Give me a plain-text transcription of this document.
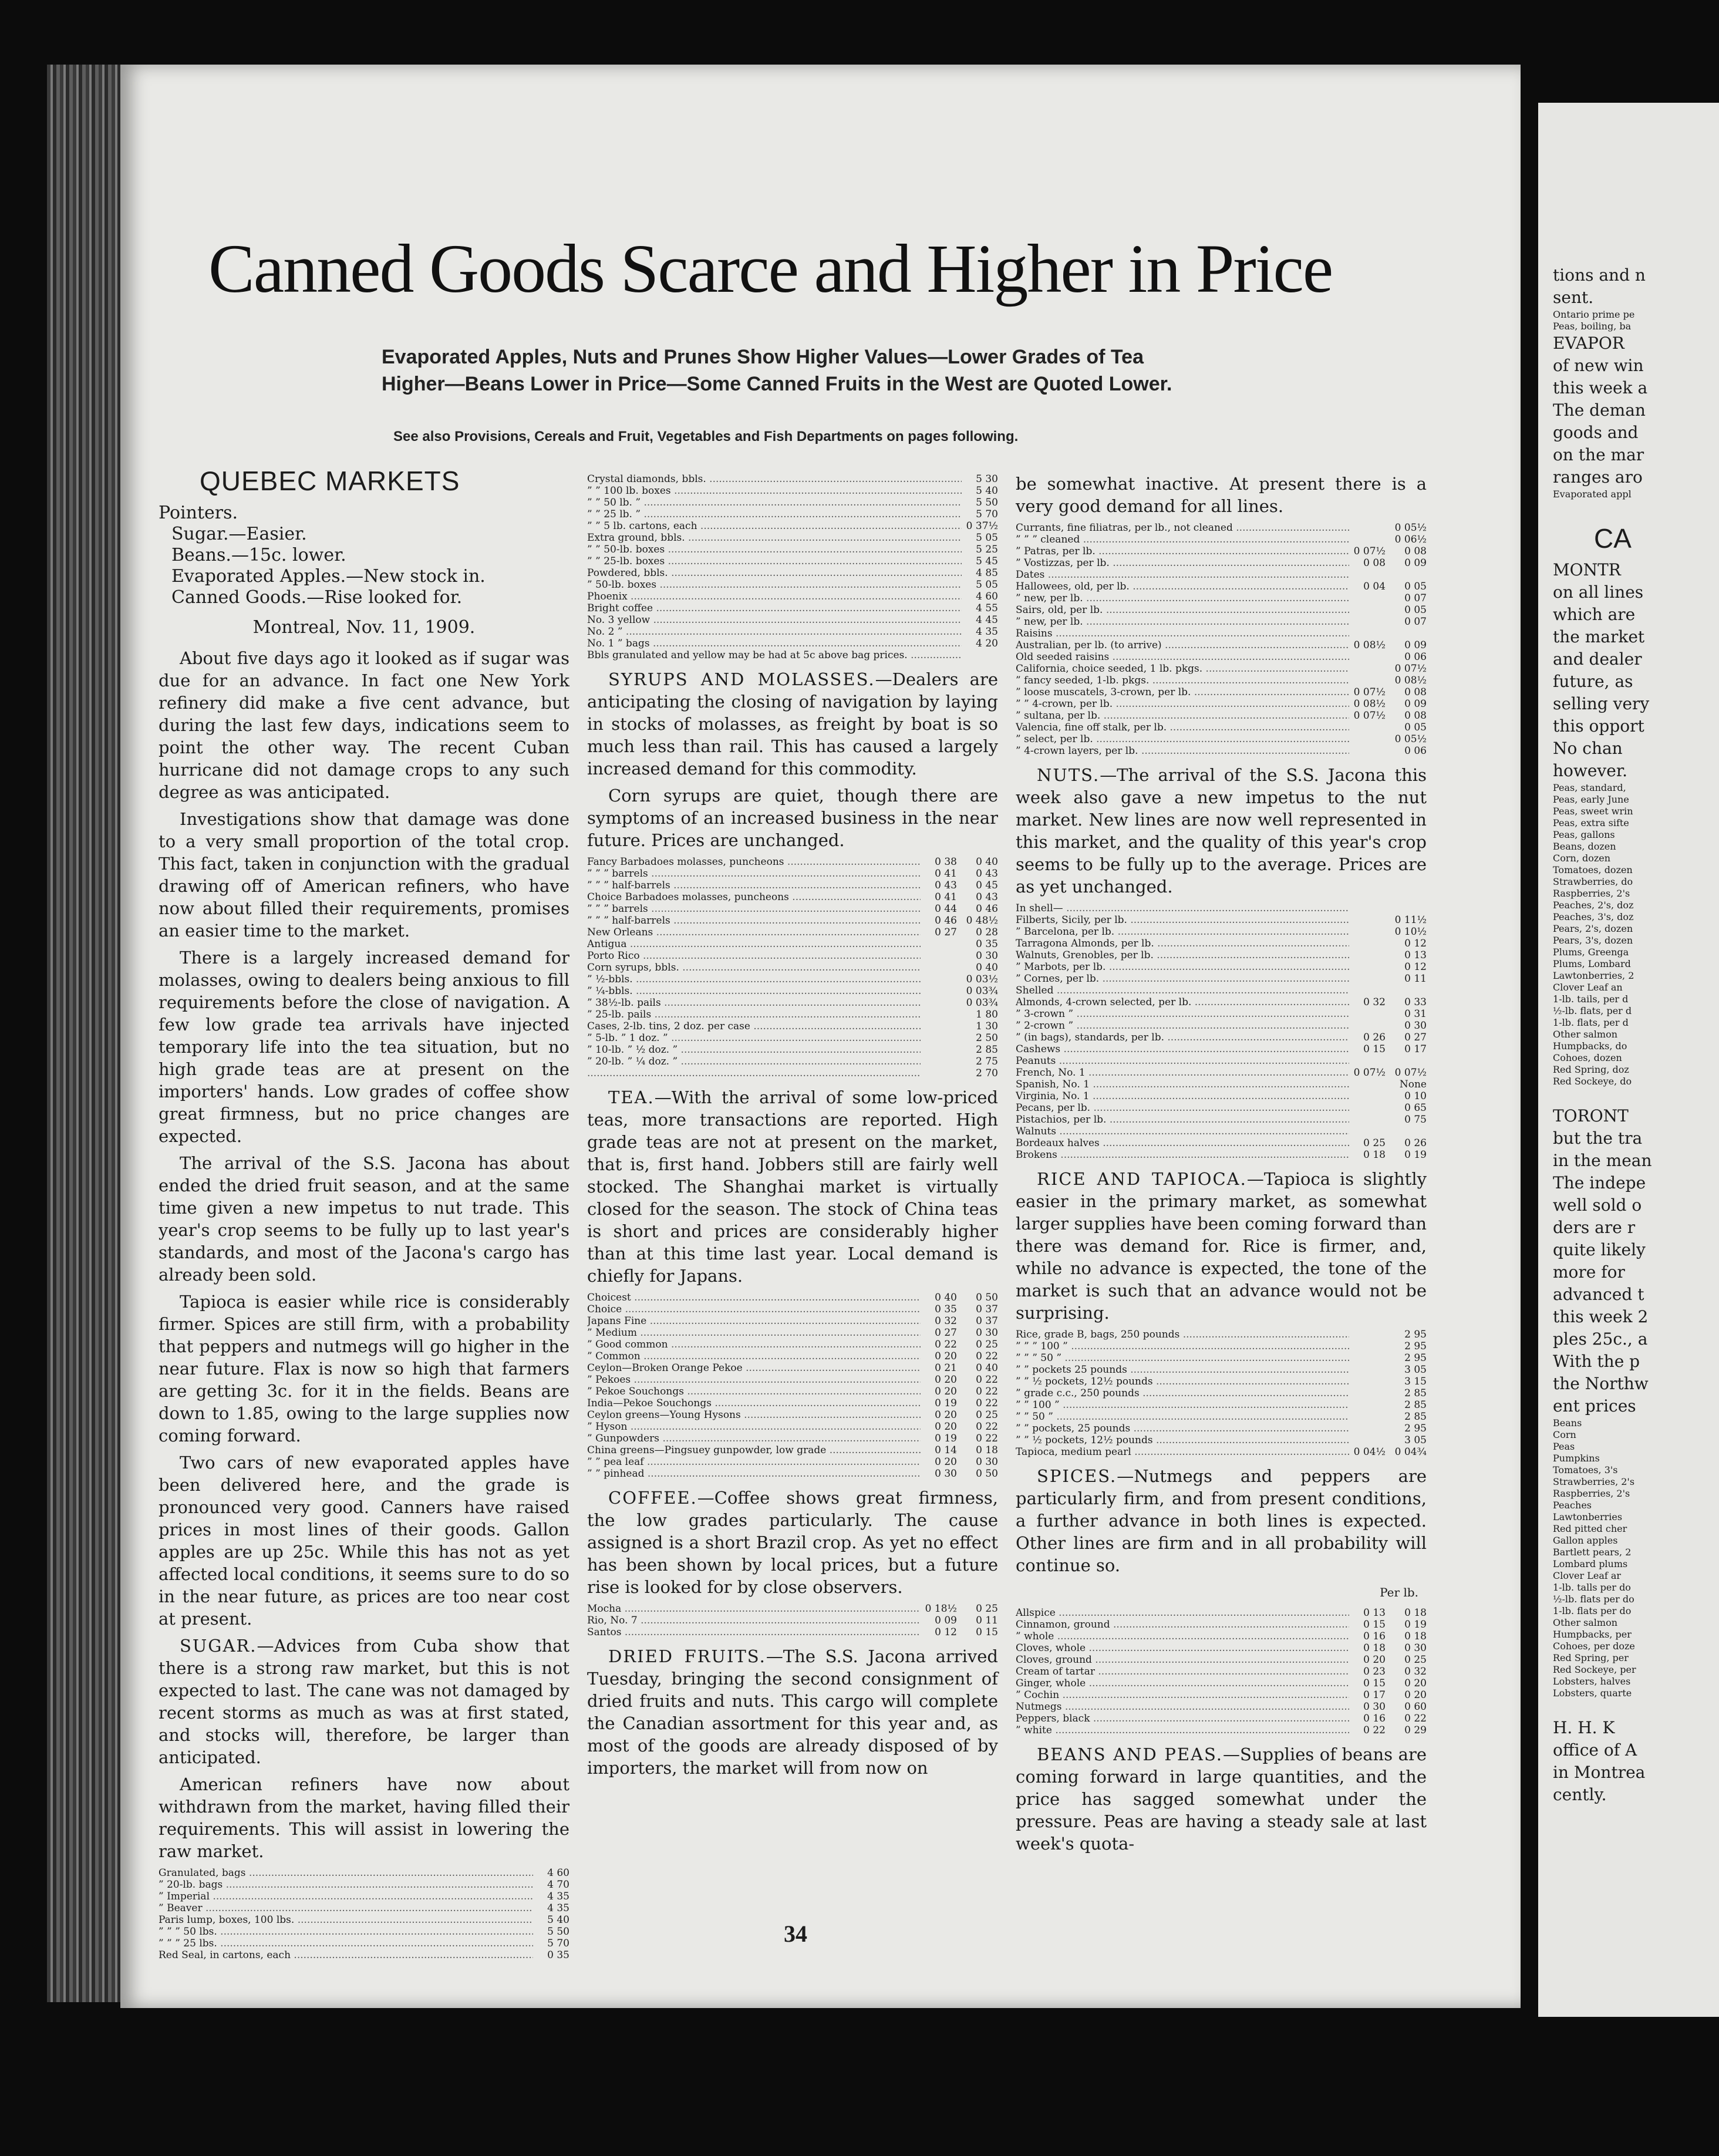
Canned Goods Scarce and Higher in Price
Evaporated Apples, Nuts and Prunes Show Higher Values—Lower Grades of Tea Higher—Beans Lower in Price—Some Canned Fruits in the West are Quoted Lower.
See also Provisions, Cereals and Fruit, Vegetables and Fish Departments on pages following.
QUEBEC MARKETS
Pointers.
Sugar.—Easier.
Beans.—15c. lower.
Evaporated Apples.—New stock in.
Canned Goods.—Rise looked for.
Montreal, Nov. 11, 1909.

About five days ago it looked as if sugar was due for an advance. In fact one New York refinery did make a five cent advance, but during the last few days, indications seem to point the other way. The recent Cuban hurricane did not damage crops to any such degree as was anticipated.

Investigations show that damage was done to a very small proportion of the total crop. This fact, taken in conjunction with the gradual drawing off of American refiners, who have now about filled their requirements, promises an easier time to the market.

There is a largely increased demand for molasses, owing to dealers being anxious to fill requirements before the close of navigation. A few low grade tea arrivals have injected temporary life into the tea situation, but no high grade teas are at present on the importers' hands. Low grades of coffee show great firmness, but no price changes are expected.

The arrival of the S.S. Jacona has about ended the dried fruit season, and at the same time given a new impetus to nut trade. This year's crop seems to be fully up to last year's standards, and most of the Jacona's cargo has already been sold.

Tapioca is easier while rice is considerably firmer. Spices are still firm, with a probability that peppers and nutmegs will go higher in the near future. Flax is now so high that farmers are getting 3c. for it in the fields. Beans are down to 1.85, owing to the large supplies now coming forward.

Two cars of new evaporated apples have been delivered here, and the grade is pronounced very good. Canners have raised prices in most lines of their goods. Gallon apples are up 25c. While this has not as yet affected local conditions, it seems sure to do so in the near future, as prices are too near cost at present.

SUGAR.—Advices from Cuba show that there is a strong raw market, but this is not expected to last. The cane was not damaged by recent storms as much as was at first stated, and stocks will, therefore, be larger than anticipated.

American refiners have now about withdrawn from the market, having filled their requirements. This will assist in lowering the raw market.

Granulated, bags .....	4 60
” 20-lb. bags .....	4 70
” Imperial .....	4 35
” Beaver .....	4 35
Paris lump, boxes, 100 lbs. .....	5 40
” ” ” 50 lbs. .....	5 50
” ” ” 25 lbs. .....	5 70
Red Seal, in cartons, each .....	0 35
Crystal diamonds, bbls. .....	5 30
” ” 100 lb. boxes .....	5 40
” ” 50 lb. ” .....	5 50
” ” 25 lb. ” .....	5 70
” ” 5 lb. cartons, each .....	0 37½
Extra ground, bbls. .....	5 05
” ” 50-lb. boxes .....	5 25
” ” 25-lb. boxes .....	5 45
Powdered, bbls. .....	4 85
” 50-lb. boxes .....	5 05
Phoenix .....	4 60
Bright coffee .....	4 55
No. 3 yellow .....	4 45
No. 2 ” .....	4 35
No. 1 ” bags .....	4 20
Bbls granulated and yellow may be had at 5c above bag prices. .....	

SYRUPS AND MOLASSES.—Dealers are anticipating the closing of navigation by laying in stocks of molasses, as freight by boat is so much less than rail. This has caused a largely increased demand for this commodity.

Corn syrups are quiet, though there are symptoms of an increased business in the near future. Prices are unchanged.

Fancy Barbadoes molasses, puncheons .....	0 38	0 40
” ” ” barrels .....	0 41	0 43
” ” ” half-barrels .....	0 43	0 45
Choice Barbadoes molasses, puncheons .....	0 41	0 43
” ” ” barrels .....	0 44	0 46
” ” ” half-barrels .....	0 46	0 48½
New Orleans .....	0 27	0 28
Antigua .....		0 35
Porto Rico .....		0 30
Corn syrups, bbls. .....		0 40
” ½-bbls. .....		0 03½
” ¼-bbls. .....		0 03¾
” 38½-lb. pails .....		0 03¾
” 25-lb. pails .....		1 80
Cases, 2-lb. tins, 2 doz. per case .....		1 30
” 5-lb. ” 1 doz. ” .....		2 50
” 10-lb. ” ½ doz. ” .....		2 85
” 20-lb. ” ¼ doz. ” .....		2 75
.....		2 70

TEA.—With the arrival of some low-priced teas, more transactions are reported. High grade teas are not at present on the market, that is, first hand. Jobbers still are fairly well stocked. The Shanghai market is virtually closed for the season. The stock of China teas is short and prices are considerably higher than at this time last year. Local demand is chiefly for Japans.

Choicest .....	0 40	0 50
Choice .....	0 35	0 37
Japans Fine .....	0 32	0 37
” Medium .....	0 27	0 30
” Good common .....	0 22	0 25
” Common .....	0 20	0 22
Ceylon—Broken Orange Pekoe .....	0 21	0 40
” Pekoes .....	0 20	0 22
” Pekoe Souchongs .....	0 20	0 22
India—Pekoe Souchongs .....	0 19	0 22
Ceylon greens—Young Hysons .....	0 20	0 25
” Hyson .....	0 20	0 22
” Gunpowders .....	0 19	0 22
China greens—Pingsuey gunpowder, low grade .....	0 14	0 18
” ” pea leaf .....	0 20	0 30
” ” pinhead .....	0 30	0 50

COFFEE.—Coffee shows great firmness, the low grades particularly. The cause assigned is a short Brazil crop. As yet no effect has been shown by local prices, but a future rise is looked for by close observers.

Mocha .....	0 18½	0 25
Rio, No. 7 .....	0 09	0 11
Santos .....	0 12	0 15

DRIED FRUITS.—The S.S. Jacona arrived Tuesday, bringing the second consignment of dried fruits and nuts. This cargo will complete the Canadian assortment for this year and, as most of the goods are already disposed of by importers, the market will from now on

be somewhat inactive. At present there is a very good demand for all lines.

Currants, fine filiatras, per lb., not cleaned .....		0 05½
” ” ” cleaned .....		0 06½
” Patras, per lb. .....	0 07½	0 08
” Vostizzas, per lb. .....	0 08	0 09
Dates .....		
Hallowees, old, per lb. .....	0 04	0 05
” new, per lb. .....		0 07
Sairs, old, per lb. .....		0 05
” new, per lb. .....		0 07
Raisins .....		
Australian, per lb. (to arrive) .....	0 08½	0 09
Old seeded raisins .....		0 06
California, choice seeded, 1 lb. pkgs. .....		0 07½
” fancy seeded, 1-lb. pkgs. .....		0 08½
” loose muscatels, 3-crown, per lb. .....	0 07½	0 08
” ” 4-crown, per lb. .....	0 08½	0 09
” sultana, per lb. .....	0 07½	0 08
Valencia, fine off stalk, per lb. .....		0 05
” select, per lb. .....		0 05½
” 4-crown layers, per lb. .....		0 06

NUTS.—The arrival of the S.S. Jacona this week also gave a new impetus to the nut market. New lines are now well represented in this market, and the quality of this year's crop seems to be fully up to the average. Prices are as yet unchanged.

In shell— .....		
Filberts, Sicily, per lb. .....		0 11½
” Barcelona, per lb. .....		0 10½
Tarragona Almonds, per lb. .....		0 12
Walnuts, Grenobles, per lb. .....		0 13
” Marbots, per lb. .....		0 12
” Cornes, per lb. .....		0 11
Shelled .....		
Almonds, 4-crown selected, per lb. .....	0 32	0 33
” 3-crown ” .....		0 31
” 2-crown ” .....		0 30
” (in bags), standards, per lb. .....	0 26	0 27
Cashews .....	0 15	0 17
Peanuts .....		
French, No. 1 .....	0 07½	0 07½
Spanish, No. 1 .....		None
Virginia, No. 1 .....		0 10
Pecans, per lb. .....		0 65
Pistachios, per lb. .....		0 75
Walnuts .....		
Bordeaux halves .....	0 25	0 26
Brokens .....	0 18	0 19

RICE AND TAPIOCA.—Tapioca is slightly easier in the primary market, as somewhat larger supplies have been coming forward than there was demand for. Rice is firmer, and, while no advance is expected, the tone of the market is such that an advance would not be surprising.

Rice, grade B, bags, 250 pounds .....		2 95
” ” ” 100 ” .....		2 95
” ” ” 50 ” .....		2 95
” ” pockets 25 pounds .....		3 05
” ” ½ pockets, 12½ pounds .....		3 15
” grade c.c., 250 pounds .....		2 85
” ” 100 ” .....		2 85
” ” 50 ” .....		2 85
” ” pockets, 25 pounds .....		2 95
” ” ½ pockets, 12½ pounds .....		3 05
Tapioca, medium pearl .....	0 04½	0 04¾

SPICES.—Nutmegs and peppers are particularly firm, and from present conditions, a further advance in both lines is expected. Other lines are firm and in all probability will continue so.

Per lb.
Allspice .....	0 13	0 18
Cinnamon, ground .....	0 15	0 19
” whole .....	0 16	0 18
Cloves, whole .....	0 18	0 30
Cloves, ground .....	0 20	0 25
Cream of tartar .....	0 23	0 32
Ginger, whole .....	0 15	0 20
” Cochin .....	0 17	0 20
Nutmegs .....	0 30	0 60
Peppers, black .....	0 16	0 22
” white .....	0 22	0 29

BEANS AND PEAS.—Supplies of beans are coming forward in large quantities, and the price has sagged somewhat under the pressure. Peas are having a steady sale at last week's quota-

34
tions and n
sent.
Ontario prime pe
Peas, boiling, ba
EVAPOR
of new win
this week a
The deman
goods and
on the mar
ranges aro
Evaporated appl
CA
MONTR
on all lines
which are
the market
and dealer
future, as
selling very
this opport
No chan
however.
Peas, standard,
Peas, early June
Peas, sweet wrin
Peas, extra sifte
Peas, gallons
Beans, dozen
Corn, dozen
Tomatoes, dozen
Strawberries, do
Raspberries, 2's
Peaches, 2's, doz
Peaches, 3's, doz
Pears, 2's, dozen
Pears, 3's, dozen
Plums, Greenga
Plums, Lombard
Lawtonberries, 2
Clover Leaf an
1-lb. tails, per d
½-lb. flats, per d
1-lb. flats, per d
Other salmon
Humpbacks, do
Cohoes, dozen
Red Spring, doz
Red Sockeye, do
TORONT
but the tra
in the mean
The indepe
well sold o
ders are r
quite likely
more for
advanced t
this week 2
ples 25c., a
With the p
the Northw
ent prices
Beans
Corn
Peas
Pumpkins
Tomatoes, 3's
Strawberries, 2's
Raspberries, 2's
Peaches
Lawtonberries
Red pitted cher
Gallon apples
Bartlett pears, 2
Lombard plums
Clover Leaf ar
1-lb. talls per do
½-lb. flats per do
1-lb. flats per do
Other salmon
Humpbacks, per
Cohoes, per doze
Red Spring, per
Red Sockeye, per
Lobsters, halves
Lobsters, quarte
H. H. K
office of A
in Montrea
cently.
